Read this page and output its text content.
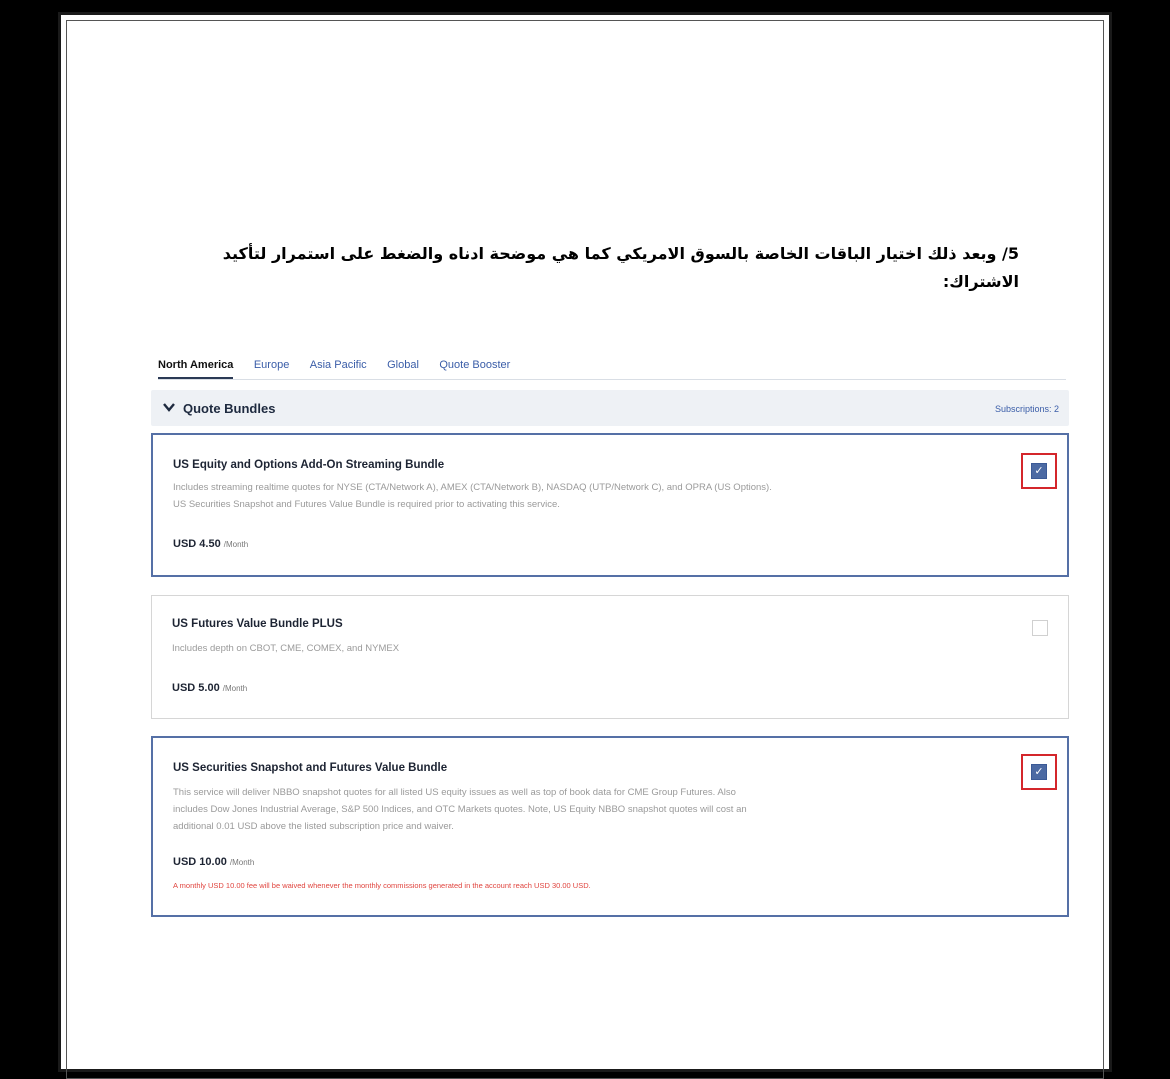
5/ وبعد ذلك اختيار الباقات الخاصة بالسوق الامريكي كما هي موضحة ادناه والضغط على استمرار لتأكيد الاشتراك:
North America Europe Asia Pacific Global Quote Booster
Quote Bundles	Subscriptions: 2
US Equity and Options Add-On Streaming Bundle
Includes streaming realtime quotes for NYSE (CTA/Network A), AMEX (CTA/Network B), NASDAQ (UTP/Network C), and OPRA (US Options).
US Securities Snapshot and Futures Value Bundle is required prior to activating this service.
USD 4.50 /Month
✓
US Futures Value Bundle PLUS
Includes depth on CBOT, CME, COMEX, and NYMEX
USD 5.00 /Month
US Securities Snapshot and Futures Value Bundle
This service will deliver NBBO snapshot quotes for all listed US equity issues as well as top of book data for CME Group Futures. Also
includes Dow Jones Industrial Average, S&P 500 Indices, and OTC Markets quotes. Note, US Equity NBBO snapshot quotes will cost an
additional 0.01 USD above the listed subscription price and waiver.
USD 10.00 /Month
A monthly USD 10.00 fee will be waived whenever the monthly commissions generated in the account reach USD 30.00 USD.
✓
